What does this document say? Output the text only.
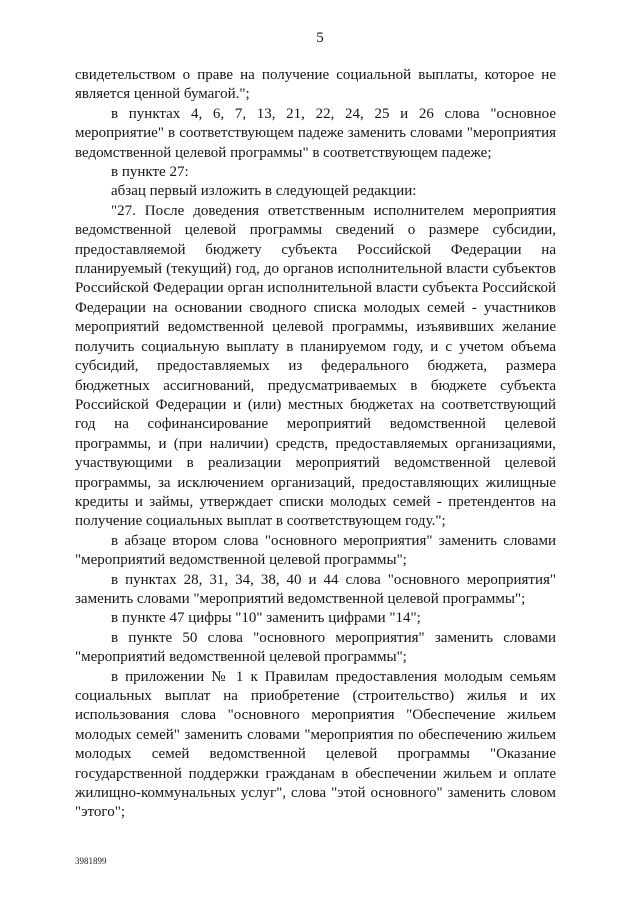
5

свидетельством о праве на получение социальной выплаты, которое не является ценной бумагой.";

в пунктах 4, 6, 7, 13, 21, 22, 24, 25 и 26 слова "основное мероприятие" в соответствующем падеже заменить словами "мероприятия ведомственной целевой программы" в соответствующем падеже;

в пункте 27:

абзац первый изложить в следующей редакции:

"27. После доведения ответственным исполнителем мероприятия ведомственной целевой программы сведений о размере субсидии, предоставляемой бюджету субъекта Российской Федерации на планируемый (текущий) год, до органов исполнительной власти субъектов Российской Федерации орган исполнительной власти субъекта Российской Федерации на основании сводного списка молодых семей - участников мероприятий ведомственной целевой программы, изъявивших желание получить социальную выплату в планируемом году, и с учетом объема субсидий, предоставляемых из федерального бюджета, размера бюджетных ассигнований, предусматриваемых в бюджете субъекта Российской Федерации и (или) местных бюджетах на соответствующий год на софинансирование мероприятий ведомственной целевой программы, и (при наличии) средств, предоставляемых организациями, участвующими в реализации мероприятий ведомственной целевой программы, за исключением организаций, предоставляющих жилищные кредиты и займы, утверждает списки молодых семей - претендентов на получение социальных выплат в соответствующем году.";

в абзаце втором слова "основного мероприятия" заменить словами "мероприятий ведомственной целевой программы";

в пунктах 28, 31, 34, 38, 40 и 44 слова "основного мероприятия" заменить словами "мероприятий ведомственной целевой программы";

в пункте 47 цифры "10" заменить цифрами "14";

в пункте 50 слова "основного мероприятия" заменить словами "мероприятий ведомственной целевой программы";

в приложении № 1 к Правилам предоставления молодым семьям социальных выплат на приобретение (строительство) жилья и их использования слова "основного мероприятия "Обеспечение жильем молодых семей" заменить словами "мероприятия по обеспечению жильем молодых семей ведомственной целевой программы "Оказание государственной поддержки гражданам в обеспечении жильем и оплате жилищно-коммунальных услуг", слова "этой основного" заменить словом "этого";

3981899
